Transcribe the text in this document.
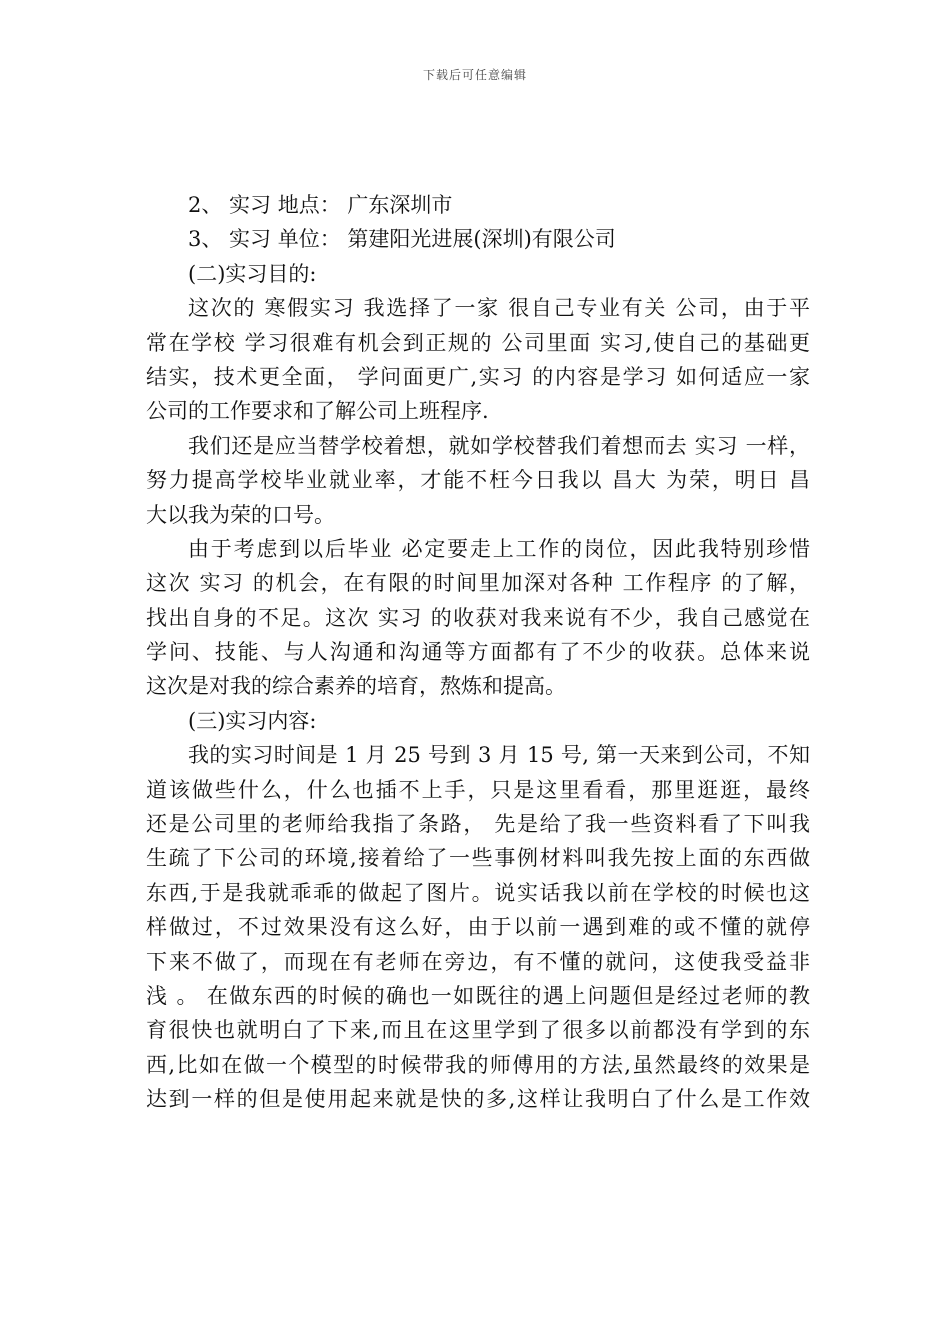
下载后可任意编辑
2、 实习 地点： 广东深圳市
3、 实习 单位： 第建阳光进展(深圳)有限公司
(二)实习目的:
这次的 寒假实习 我选择了一家 很自己专业有关 公司，由于平
常在学校 学习很难有机会到正规的 公司里面 实习,使自己的基础更
结实，技术更全面， 学问面更广,实习 的内容是学习 如何适应一家
公司的工作要求和了解公司上班程序.
我们还是应当替学校着想，就如学校替我们着想而去 实习 一样，
努力提高学校毕业就业率，才能不枉今日我以 昌大 为荣，明日 昌
大以我为荣的口号。
由于考虑到以后毕业 必定要走上工作的岗位，因此我特别珍惜
这次 实习 的机会，在有限的时间里加深对各种 工作程序 的了解，
找出自身的不足。这次 实习 的收获对我来说有不少，我自己感觉在
学问、技能、与人沟通和沟通等方面都有了不少的收获。总体来说
这次是对我的综合素养的培育，熬炼和提高。
(三)实习内容:
我的实习时间是 1 月 25 号到 3 月 15 号, 第一天来到公司，不知
道该做些什么，什么也插不上手，只是这里看看，那里逛逛，最终
还是公司里的老师给我指了条路， 先是给了我一些资料看了下叫我
生疏了下公司的环境,接着给了一些事例材料叫我先按上面的东西做
东西,于是我就乖乖的做起了图片。说实话我以前在学校的时候也这
样做过，不过效果没有这么好，由于以前一遇到难的或不懂的就停
下来不做了，而现在有老师在旁边，有不懂的就问，这使我受益非
浅 。 在做东西的时候的确也一如既往的遇上问题但是经过老师的教
育很快也就明白了下来,而且在这里学到了很多以前都没有学到的东
西,比如在做一个模型的时候带我的师傅用的方法,虽然最终的效果是
达到一样的但是使用起来就是快的多,这样让我明白了什么是工作效
